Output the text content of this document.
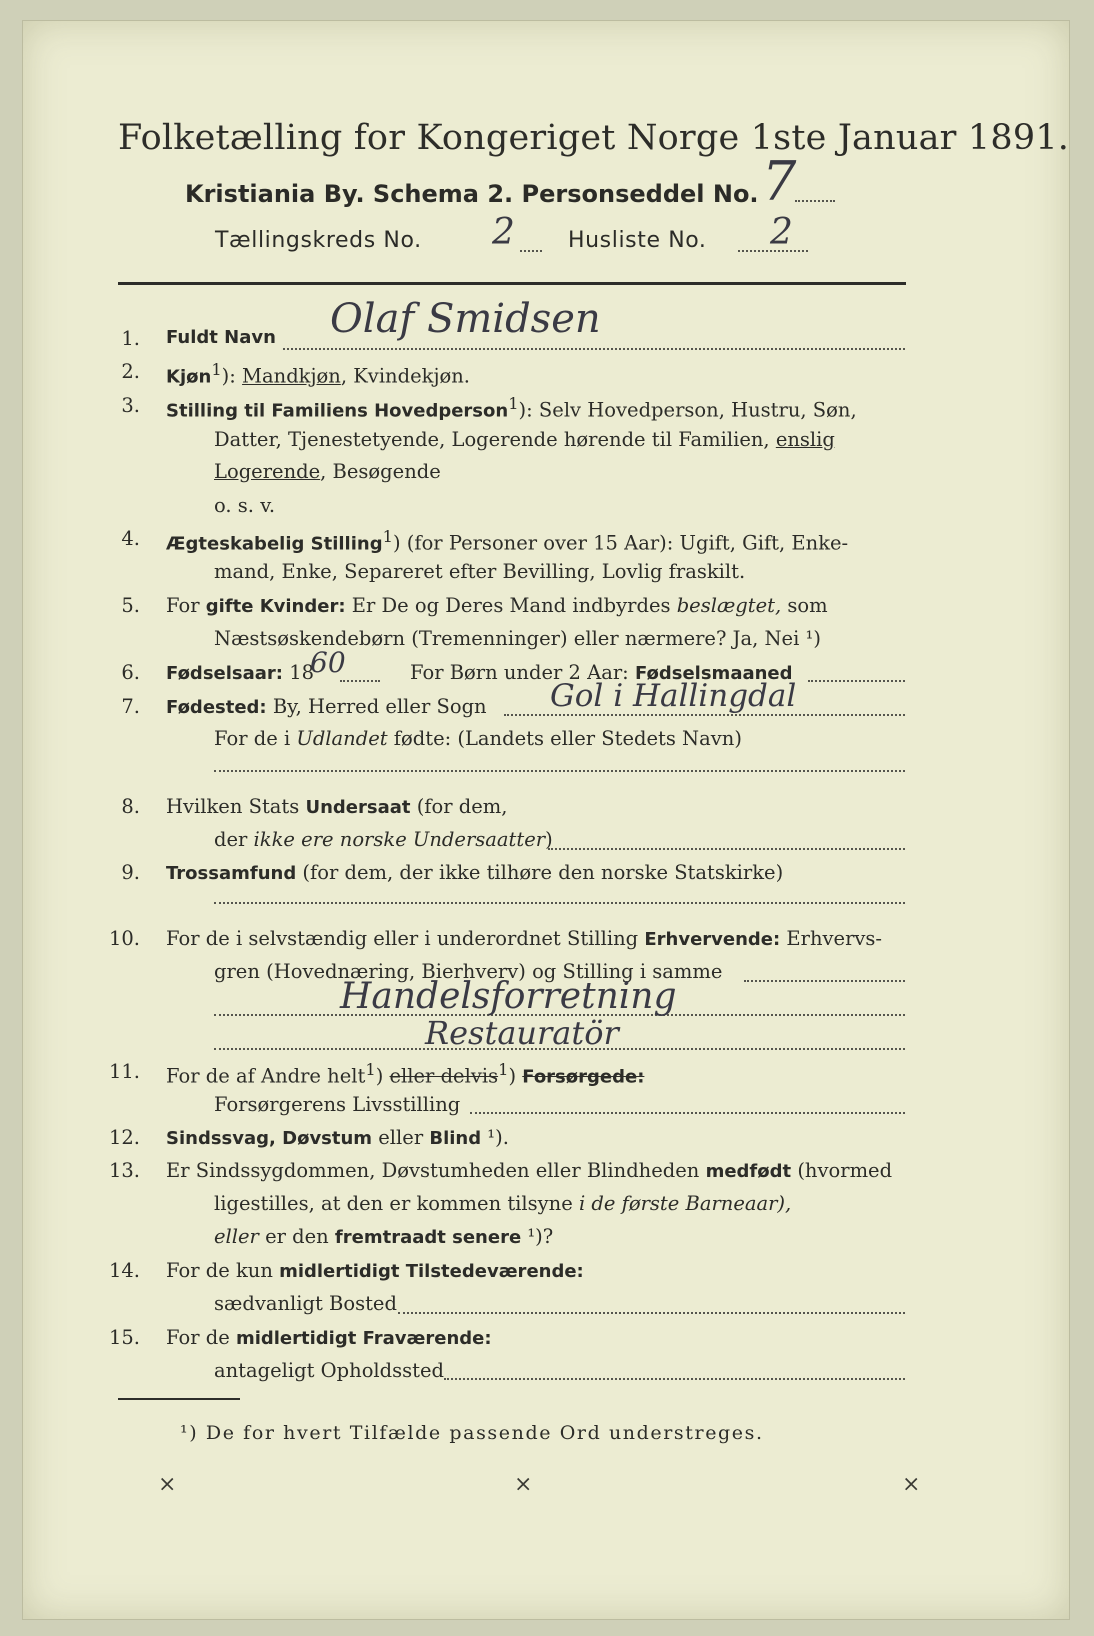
Folketælling for Kongeriget Norge 1ste Januar 1891.
Kristiania By. Schema 2. Personseddel No. 7
Tællingskreds No. 2 Husliste No. 2
1. Fuldt Navn Olaf Smidsen
Kjøn$^1$): Mandkjøn, Kvindekjøn.
2.
3. Stilling til Familiens Hovedperson$^1$): Selv Hovedperson, Hustru, Søn,
Datter, Tjenestetyende, Logerende hørende til Familien, enslig
Logerende, Besøgende
o. s. v.
4. Ægteskabelig Stilling$^1$) (for Personer over 15 Aar): Ugift, Gift, Enke-
mand, Enke, Separeret efter Bevilling, Lovlig fraskilt.
5. For gifte Kvinder: Er De og Deres Mand indbyrdes beslægtet, som
Næstsøskendebørn (Tremenninger) eller nærmere? Ja, Nei ¹)
6. Fødselsaar: 18
60	For Børn under 2 Aar: Fødselsmaaned
7. Fødested: By, Herred eller Sogn Gol i Hallingdal
For de i Udlandet fødte: (Landets eller Stedets Navn)
8. Hvilken Stats Undersaat (for dem,
der ikke ere norske Undersaatter)
9. Trossamfund (for dem, der ikke tilhøre den norske Statskirke)
10. For de i selvstændig eller i underordnet Stilling Erhvervende: Erhvervs-
gren (Hovednæring, Bierhverv) og Stilling i samme
Handelsforretning
Restauratör
11. For de af Andre helt$^1$) eller delvis$^1$) Forsørgede:
Forsørgerens Livsstilling
12. Sindssvag, Døvstum eller Blind ¹).
13. Er Sindssygdommen, Døvstumheden eller Blindheden medfødt (hvormed
ligestilles, at den er kommen tilsyne i de første Barneaar),
eller er den fremtraadt senere ¹)?
14. For de kun midlertidigt Tilstedeværende:
sædvanligt Bosted
15. For de midlertidigt Fraværende:
antageligt Opholdssted
¹) De for hvert Tilfælde passende Ord understreges.
⨯	⨯	⨯
